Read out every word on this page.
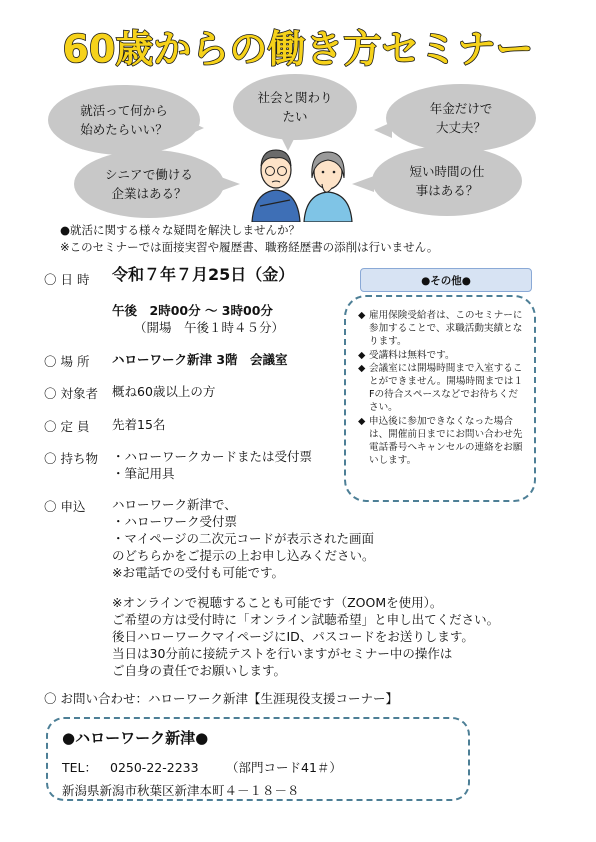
60歳からの働き方セミナー
就活って何から
始めたらいい？
社会と関わり
たい
年金だけで
大丈夫？
シニアで働ける
企業はある？
短い時間の仕
事はある？
●就活に関する様々な疑問を解決しませんか？
※このセミナーでは面接実習や履歴書、職務経歴書の添削は行いません。
〇 日 時 令和７年７月25日（金）
午後　2時00分 〜 3時00分
（開場　午後１時４５分）
●その他●
◆ 雇用保険受給者は、このセミナーに参加することで、求職活動実績となります。
◆ 受講料は無料です。
◆ 会議室には開場時間まで入室することができません。開場時間までは１Fの待合スペースなどでお待ちください。
◆ 申込後に参加できなくなった場合は、開催前日までにお問い合わせ先電話番号へキャンセルの連絡をお願いします。
〇 場 所 ハローワーク新津 3階　会議室
〇 対象者 概ね60歳以上の方
〇 定 員 先着15名
〇 持ち物 ・ハローワークカードまたは受付票
・筆記用具
〇 申込 ハローワーク新津で、
・ハローワーク受付票
・マイページの二次元コードが表示された画面
のどちらかをご提示の上お申し込みください。
※お電話での受付も可能です。
※オンラインで視聴することも可能です（ZOOMを使用）。
ご希望の方は受付時に「オンライン試聴希望」と申し出てください。
後日ハローワークマイページにID、パスコードをお送りします。
当日は30分前に接続テストを行いますがセミナー中の操作は
ご自身の責任でお願いします。
〇 お問い合わせ：ハローワーク新津【生涯現役支援コーナー】
●ハローワーク新津●
TEL： 0250-22-2233 （部門コード41＃）
新潟県新潟市秋葉区新津本町４－１８－８
